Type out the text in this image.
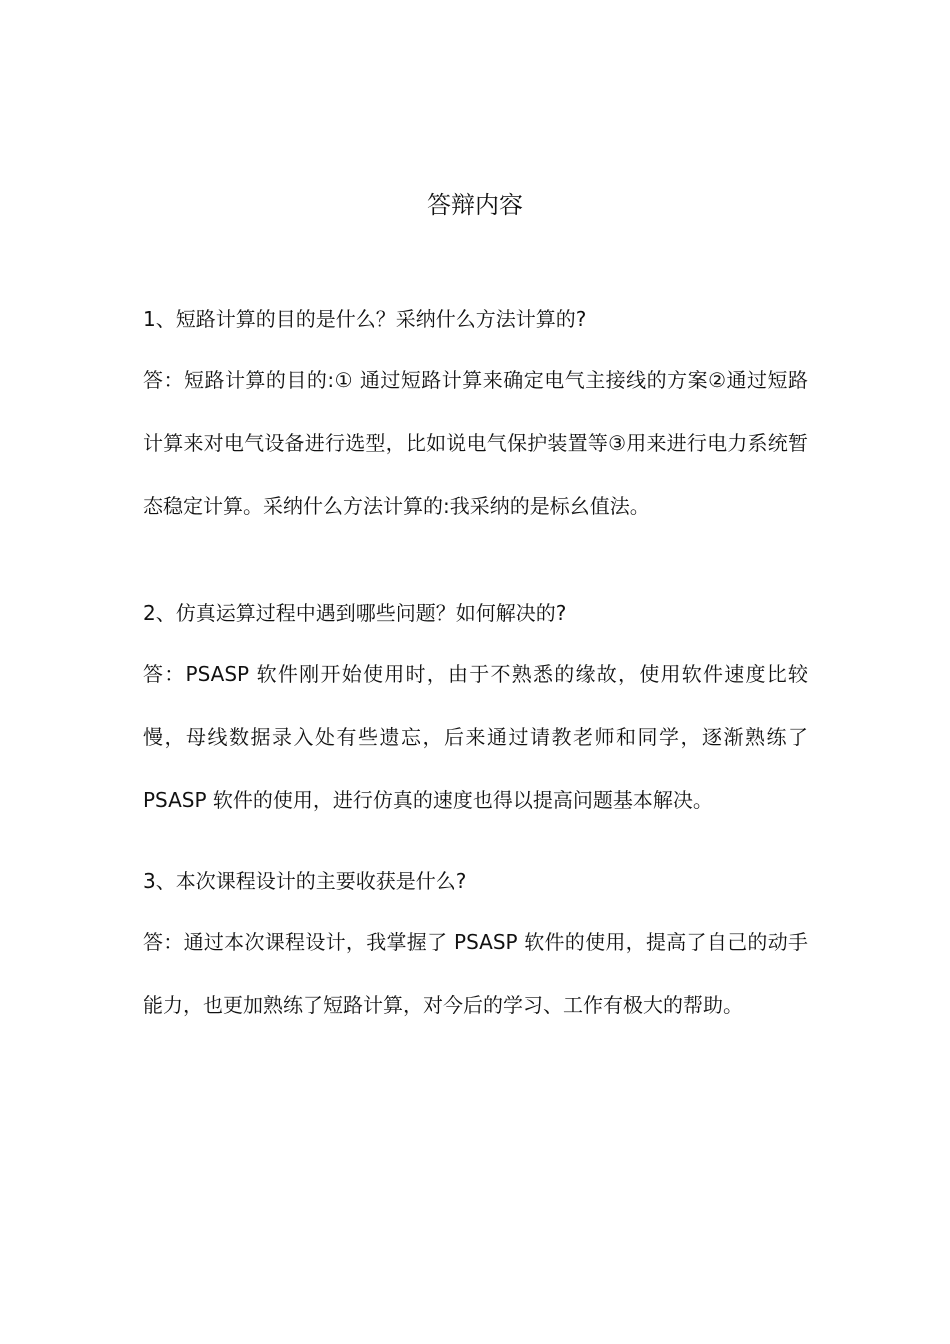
答辩内容

1、短路计算的目的是什么？采纳什么方法计算的?

答：短路计算的目的:① 通过短路计算来确定电气主接线的方案②通过短路计算来对电气设备进行选型，比如说电气保护装置等③用来进行电力系统暂态稳定计算。采纳什么方法计算的:我采纳的是标幺值法。

2、仿真运算过程中遇到哪些问题？如何解决的?

答：PSASP 软件刚开始使用时，由于不熟悉的缘故，使用软件速度比较慢，母线数据录入处有些遗忘，后来通过请教老师和同学，逐渐熟练了PSASP 软件的使用，进行仿真的速度也得以提高问题基本解决。

3、本次课程设计的主要收获是什么?

答：通过本次课程设计，我掌握了 PSASP 软件的使用，提高了自己的动手能力，也更加熟练了短路计算，对今后的学习、工作有极大的帮助。
